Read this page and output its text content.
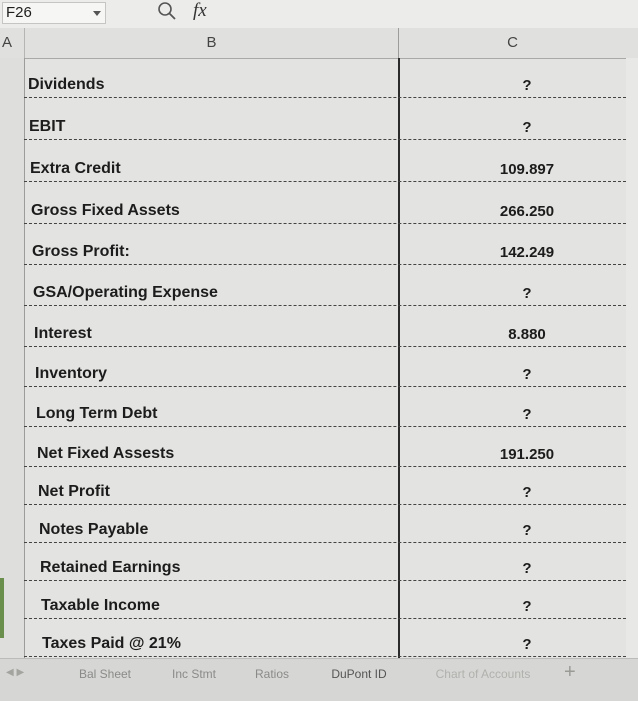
F26	fx
A	B	C
Dividends	?
EBIT	?
Extra Credit	109.897
Gross Fixed Assets	266.250
Gross Profit:	142.249
GSA/Operating Expense	?
Interest	8.880
Inventory	?
Long Term Debt	?
Net Fixed Assests	191.250
Net Profit	?
Notes Payable	?
Retained Earnings	?
Taxable Income	?
Taxes Paid @ 21%	?
◀ ▶	Bal Sheet	Inc Stmt	Ratios	DuPont ID	Chart of Accounts	+
